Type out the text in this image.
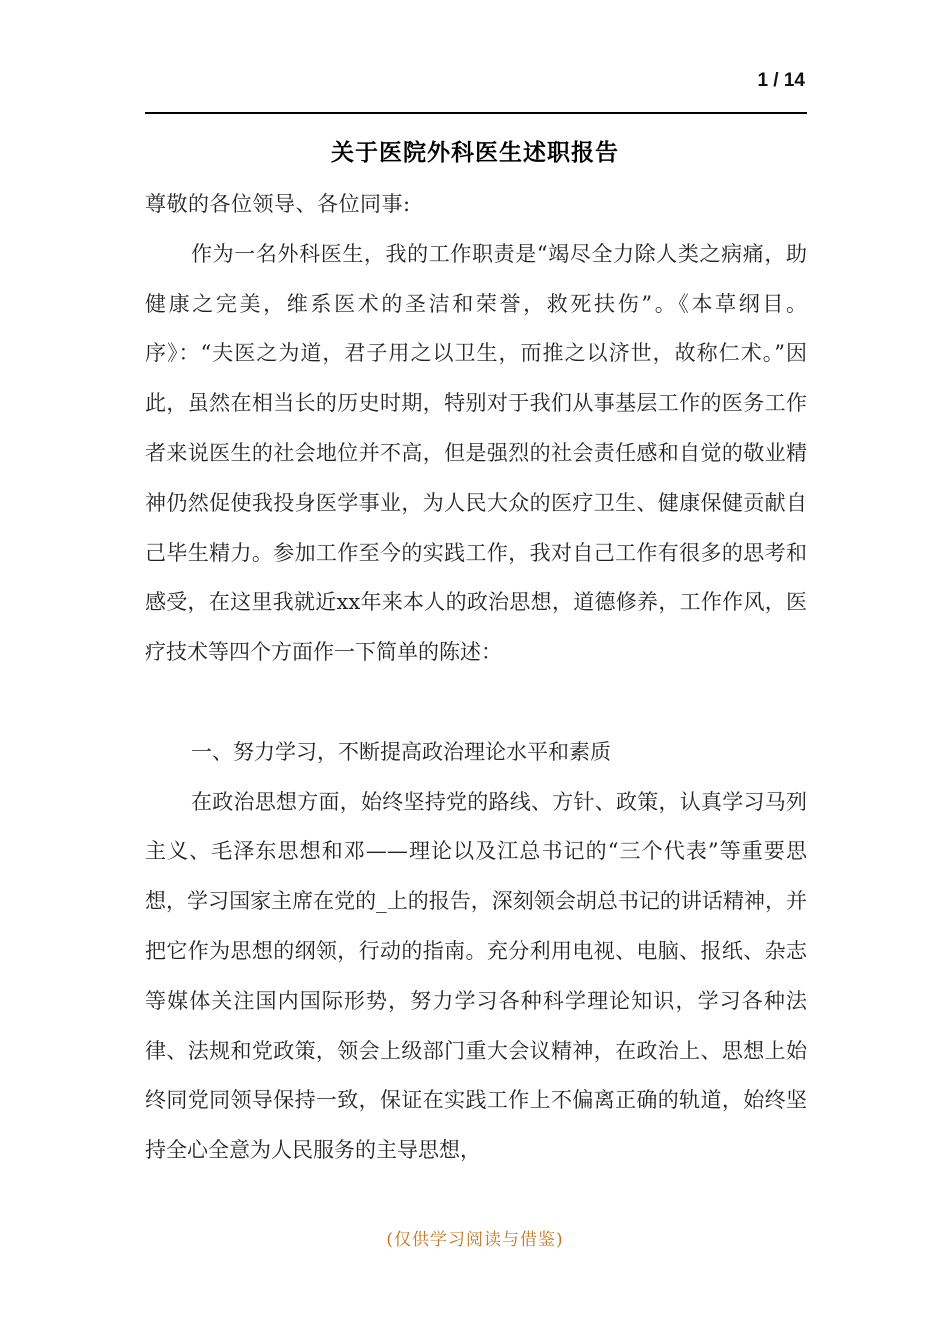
1 / 14
关于医院外科医生述职报告

尊敬的各位领导、各位同事:

作为一名外科医生，我的工作职责是“竭尽全力除人类之病痛，助健康之完美，维系医术的圣洁和荣誉，救死扶伤”。《本草纲目。序》：“夫医之为道，君子用之以卫生，而推之以济世，故称仁术。”因此，虽然在相当长的历史时期，特别对于我们从事基层工作的医务工作者来说医生的社会地位并不高，但是强烈的社会责任感和自觉的敬业精神仍然促使我投身医学事业，为人民大众的医疗卫生、健康保健贡献自己毕生精力。参加工作至今的实践工作，我对自己工作有很多的思考和感受，在这里我就近xx年来本人的政治思想，道德修养，工作作风，医疗技术等四个方面作一下简单的陈述：

一、努力学习，不断提高政治理论水平和素质

在政治思想方面，始终坚持党的路线、方针、政策，认真学习马列主义、毛泽东思想和邓——理论以及江总书记的“三个代表”等重要思想，学习国家主席在党的_上的报告，深刻领会胡总书记的讲话精神，并把它作为思想的纲领，行动的指南。充分利用电视、电脑、报纸、杂志等媒体关注国内国际形势，努力学习各种科学理论知识，学习各种法律、法规和党政策，领会上级部门重大会议精神，在政治上、思想上始终同党同领导保持一致，保证在实践工作上不偏离正确的轨道，始终坚持全心全意为人民服务的主导思想，

(仅供学习阅读与借鉴)
